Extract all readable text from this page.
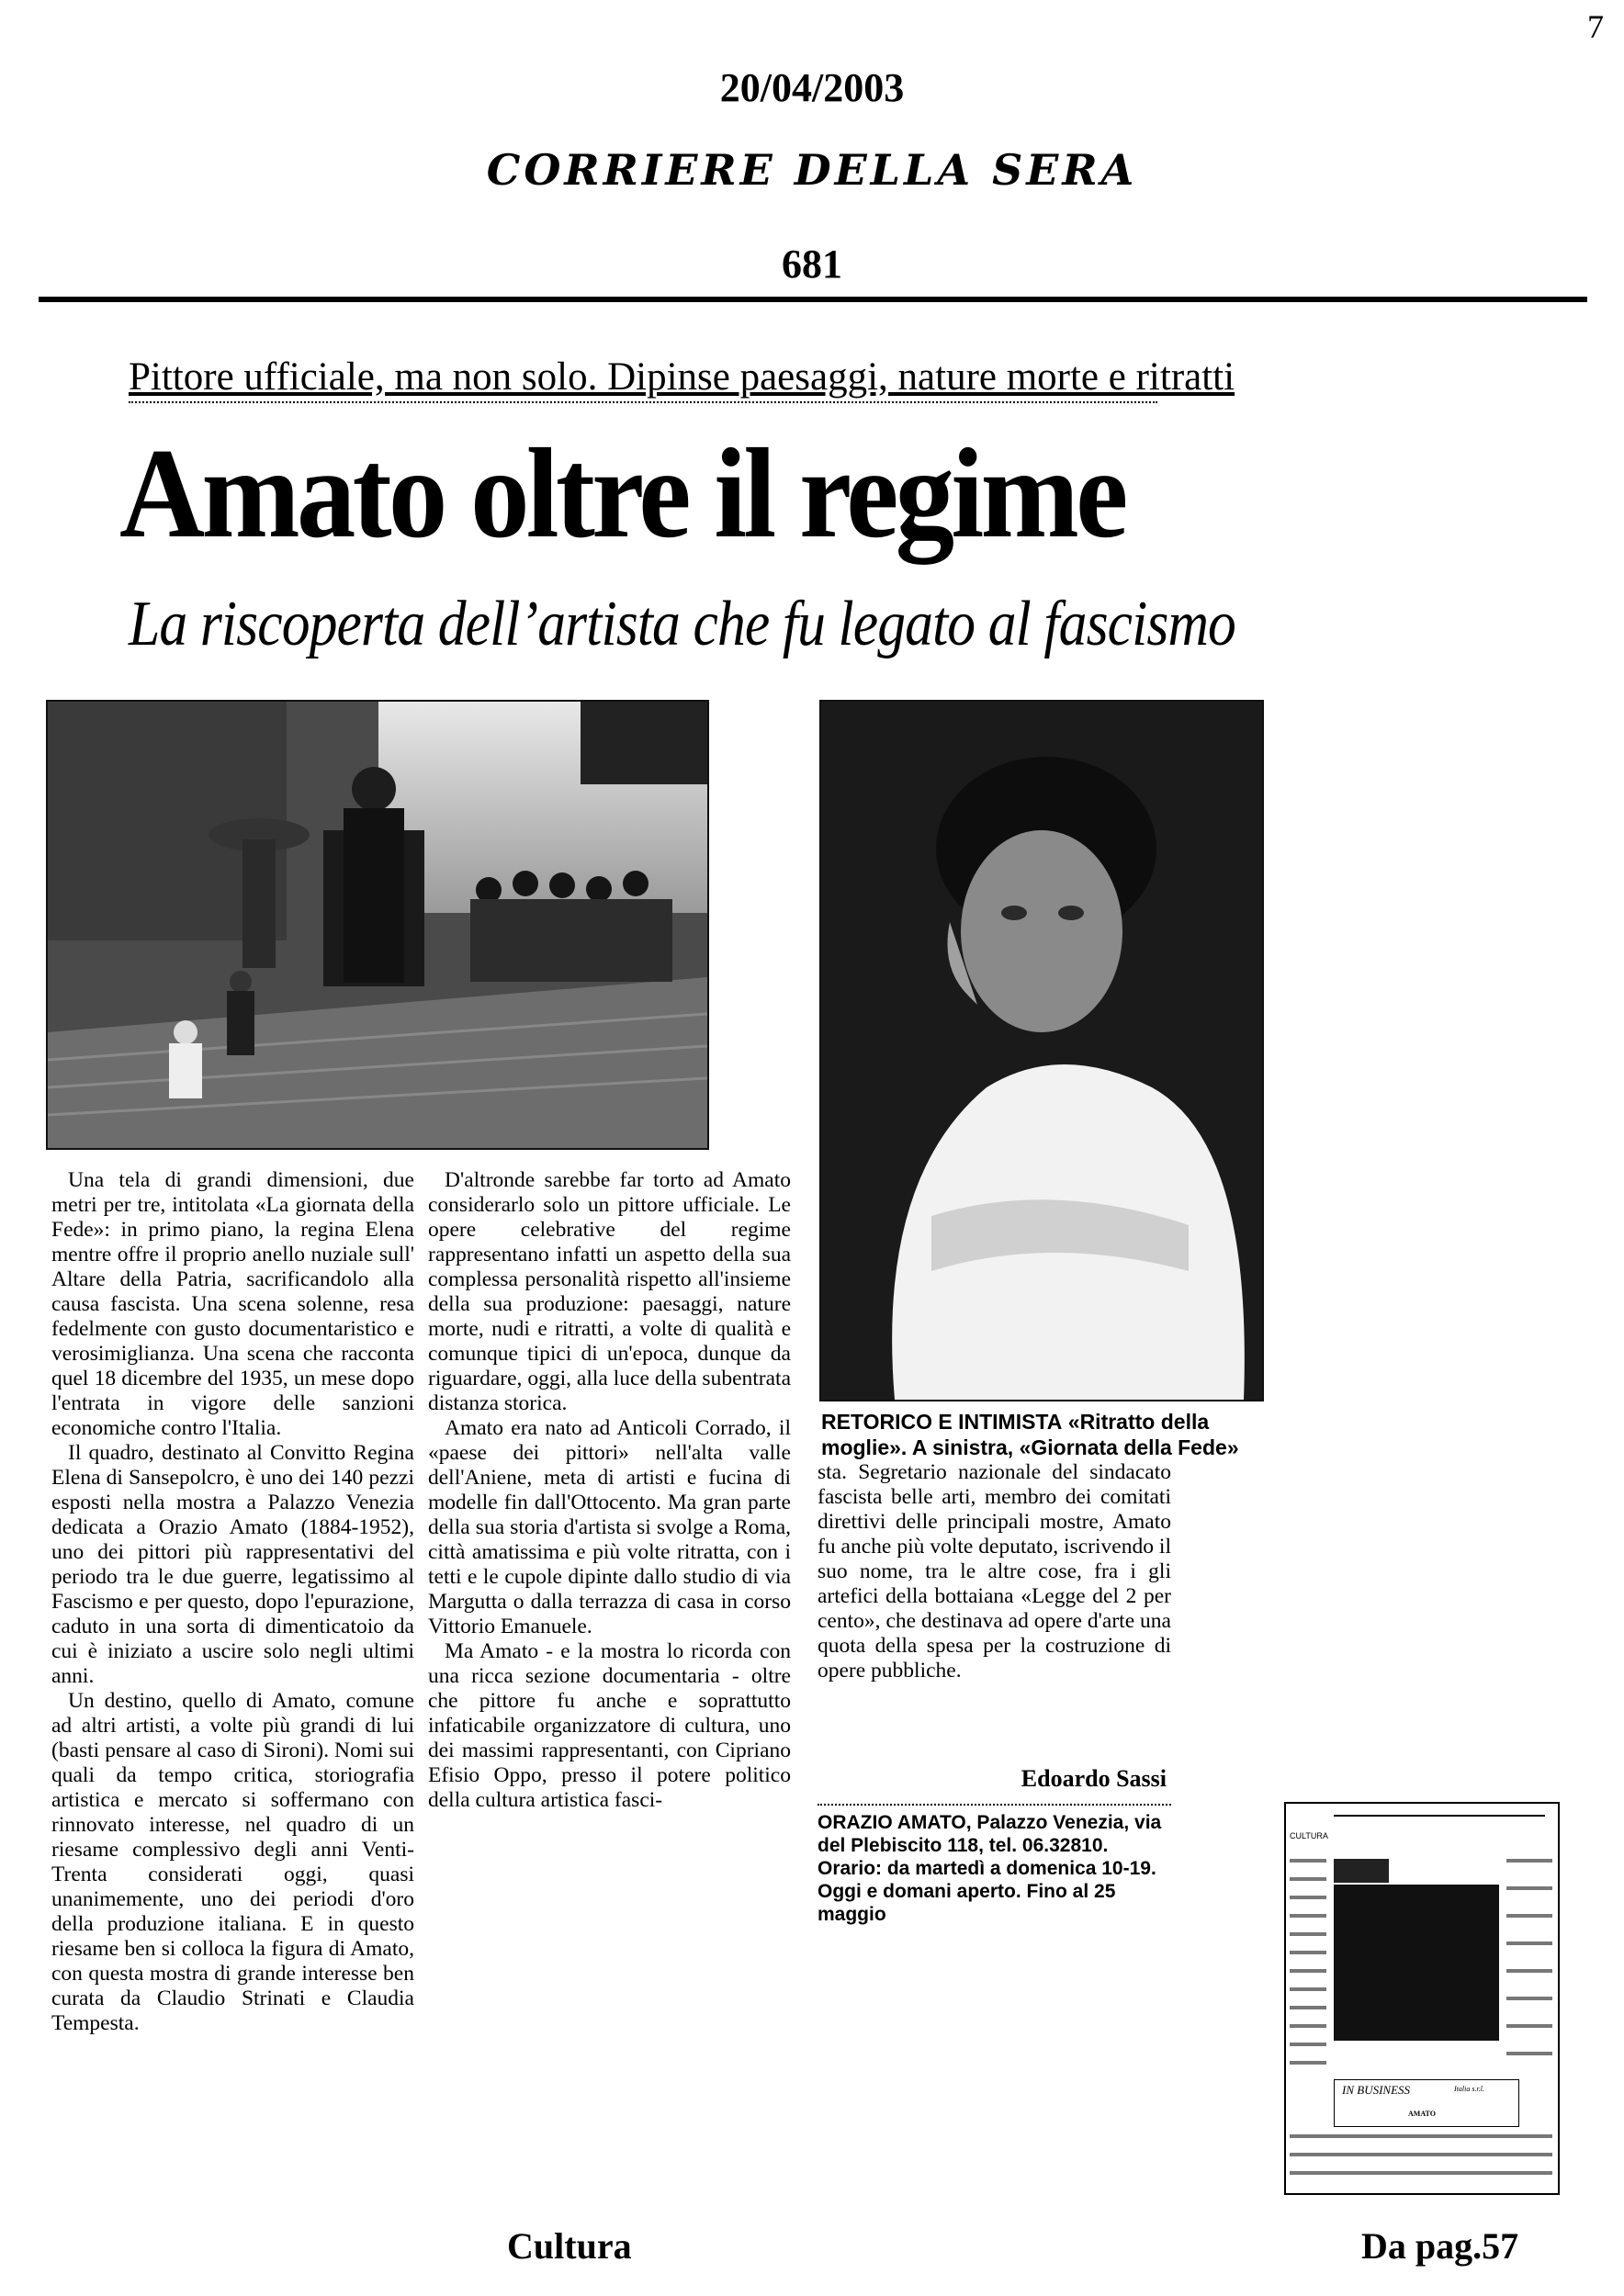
7
20/04/2003
CORRIERE DELLA SERA
681
Pittore ufficiale, ma non solo. Dipinse paesaggi, nature morte e ritratti
Amato oltre il regime
La riscoperta dell’artista che fu legato al fascismo
RETORICO E INTIMISTA «Ritratto della moglie». A sinistra, «Giornata della Fede»

Una tela di grandi dimensioni, due metri per tre, intitolata «La giornata della Fede»: in primo piano, la regina Elena mentre offre il proprio anello nuziale sull' Altare della Patria, sacrificandolo alla causa fascista. Una scena solenne, resa fedelmente con gusto documentaristico e verosimiglianza. Una scena che racconta quel 18 dicembre del 1935, un mese dopo l'entrata in vigore delle sanzioni economiche contro l'Italia.

Il quadro, destinato al Convitto Regina Elena di Sansepolcro, è uno dei 140 pezzi esposti nella mostra a Palazzo Venezia dedicata a Orazio Amato (1884-1952), uno dei pittori più rappresentativi del periodo tra le due guerre, legatissimo al Fascismo e per questo, dopo l'epurazione, caduto in una sorta di dimenticatoio da cui è iniziato a uscire solo negli ultimi anni.

Un destino, quello di Amato, comune ad altri artisti, a volte più grandi di lui (basti pensare al caso di Sironi). Nomi sui quali da tempo critica, storiografia artistica e mercato si soffermano con rinnovato interesse, nel quadro di un riesame complessivo degli anni Venti-Trenta considerati oggi, quasi unanimemente, uno dei periodi d'oro della produzione italiana. E in questo riesame ben si colloca la figura di Amato, con questa mostra di grande interesse ben curata da Claudio Strinati e Claudia Tempesta.

D'altronde sarebbe far torto ad Amato considerarlo solo un pittore ufficiale. Le opere celebrative del regime rappresentano infatti un aspetto della sua complessa personalità rispetto all'insieme della sua produzione: paesaggi, nature morte, nudi e ritratti, a volte di qualità e comunque tipici di un'epoca, dunque da riguardare, oggi, alla luce della subentrata distanza storica.

Amato era nato ad Anticoli Corrado, il «paese dei pittori» nell'alta valle dell'Aniene, meta di artisti e fucina di modelle fin dall'Ottocento. Ma gran parte della sua storia d'artista si svolge a Roma, città amatissima e più volte ritratta, con i tetti e le cupole dipinte dallo studio di via Margutta o dalla terrazza di casa in corso Vittorio Emanuele.

Ma Amato - e la mostra lo ricorda con una ricca sezione documentaria - oltre che pittore fu anche e soprattutto infaticabile organizzatore di cultura, uno dei massimi rappresentanti, con Cipriano Efisio Oppo, presso il potere politico della cultura artistica fasci-

sta. Segretario nazionale del sindacato fascista belle arti, membro dei comitati direttivi delle principali mostre, Amato fu anche più volte deputato, iscrivendo il suo nome, tra le altre cose, fra i gli artefici della bottaiana «Legge del 2 per cento», che destinava ad opere d'arte una quota della spesa per la costruzione di opere pubbliche.

Edoardo Sassi
ORAZIO AMATO, Palazzo Venezia, via del Plebiscito 118, tel. 06.32810. Orario: da martedì a domenica 10-19. Oggi e domani aperto. Fino al 25 maggio
CULTURA
IN BUSINESS	Italia s.r.l.
AMATO
Cultura	Da pag.57
